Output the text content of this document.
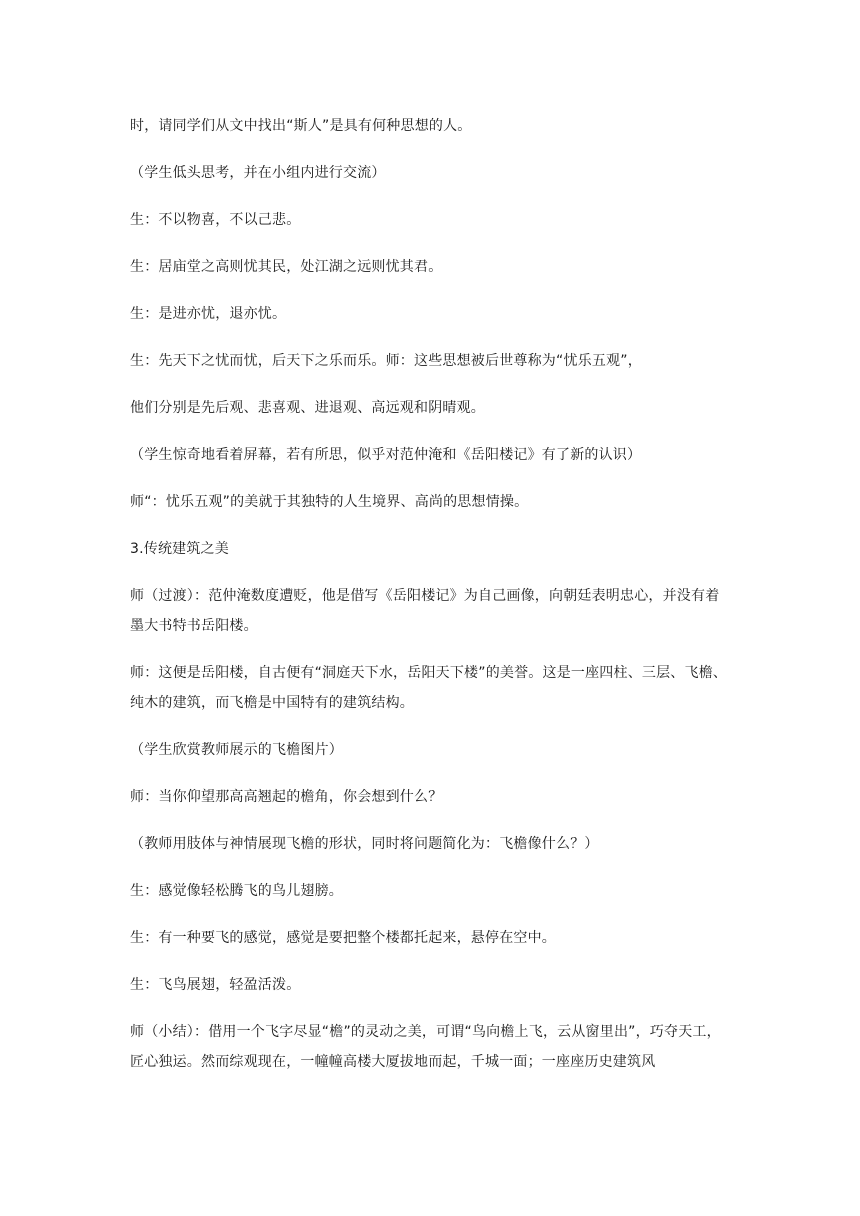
时，请同学们从文中找出“斯人”是具有何种思想的人。

（学生低头思考，并在小组内进行交流）

生：不以物喜，不以己悲。

生：居庙堂之高则忧其民，处江湖之远则忧其君。

生：是进亦忧，退亦忧。

生：先天下之忧而忧，后天下之乐而乐。师：这些思想被后世尊称为“忧乐五观”，

他们分别是先后观、悲喜观、进退观、高远观和阴晴观。

（学生惊奇地看着屏幕，若有所思，似乎对范仲淹和《岳阳楼记》有了新的认识）

师“：忧乐五观”的美就于其独特的人生境界、高尚的思想情操。

3.传统建筑之美

师（过渡）：范仲淹数度遭贬，他是借写《岳阳楼记》为自己画像，向朝廷表明忠心，并没有着墨大书特书岳阳楼。

师：这便是岳阳楼，自古便有“洞庭天下水，岳阳天下楼”的美誉。这是一座四柱、三层、飞檐、纯木的建筑，而飞檐是中国特有的建筑结构。

（学生欣赏教师展示的飞檐图片）

师：当你仰望那高高翘起的檐角，你会想到什么？

（教师用肢体与神情展现飞檐的形状，同时将问题简化为：飞檐像什么？）

生：感觉像轻松腾飞的鸟儿翅膀。

生：有一种要飞的感觉，感觉是要把整个楼都托起来，悬停在空中。

生：飞鸟展翅，轻盈活泼。

师（小结）：借用一个飞字尽显“檐”的灵动之美，可谓“鸟向檐上飞，云从窗里出”，巧夺天工，匠心独运。然而综观现在，一幢幢高楼大厦拔地而起，千城一面；一座座历史建筑风
